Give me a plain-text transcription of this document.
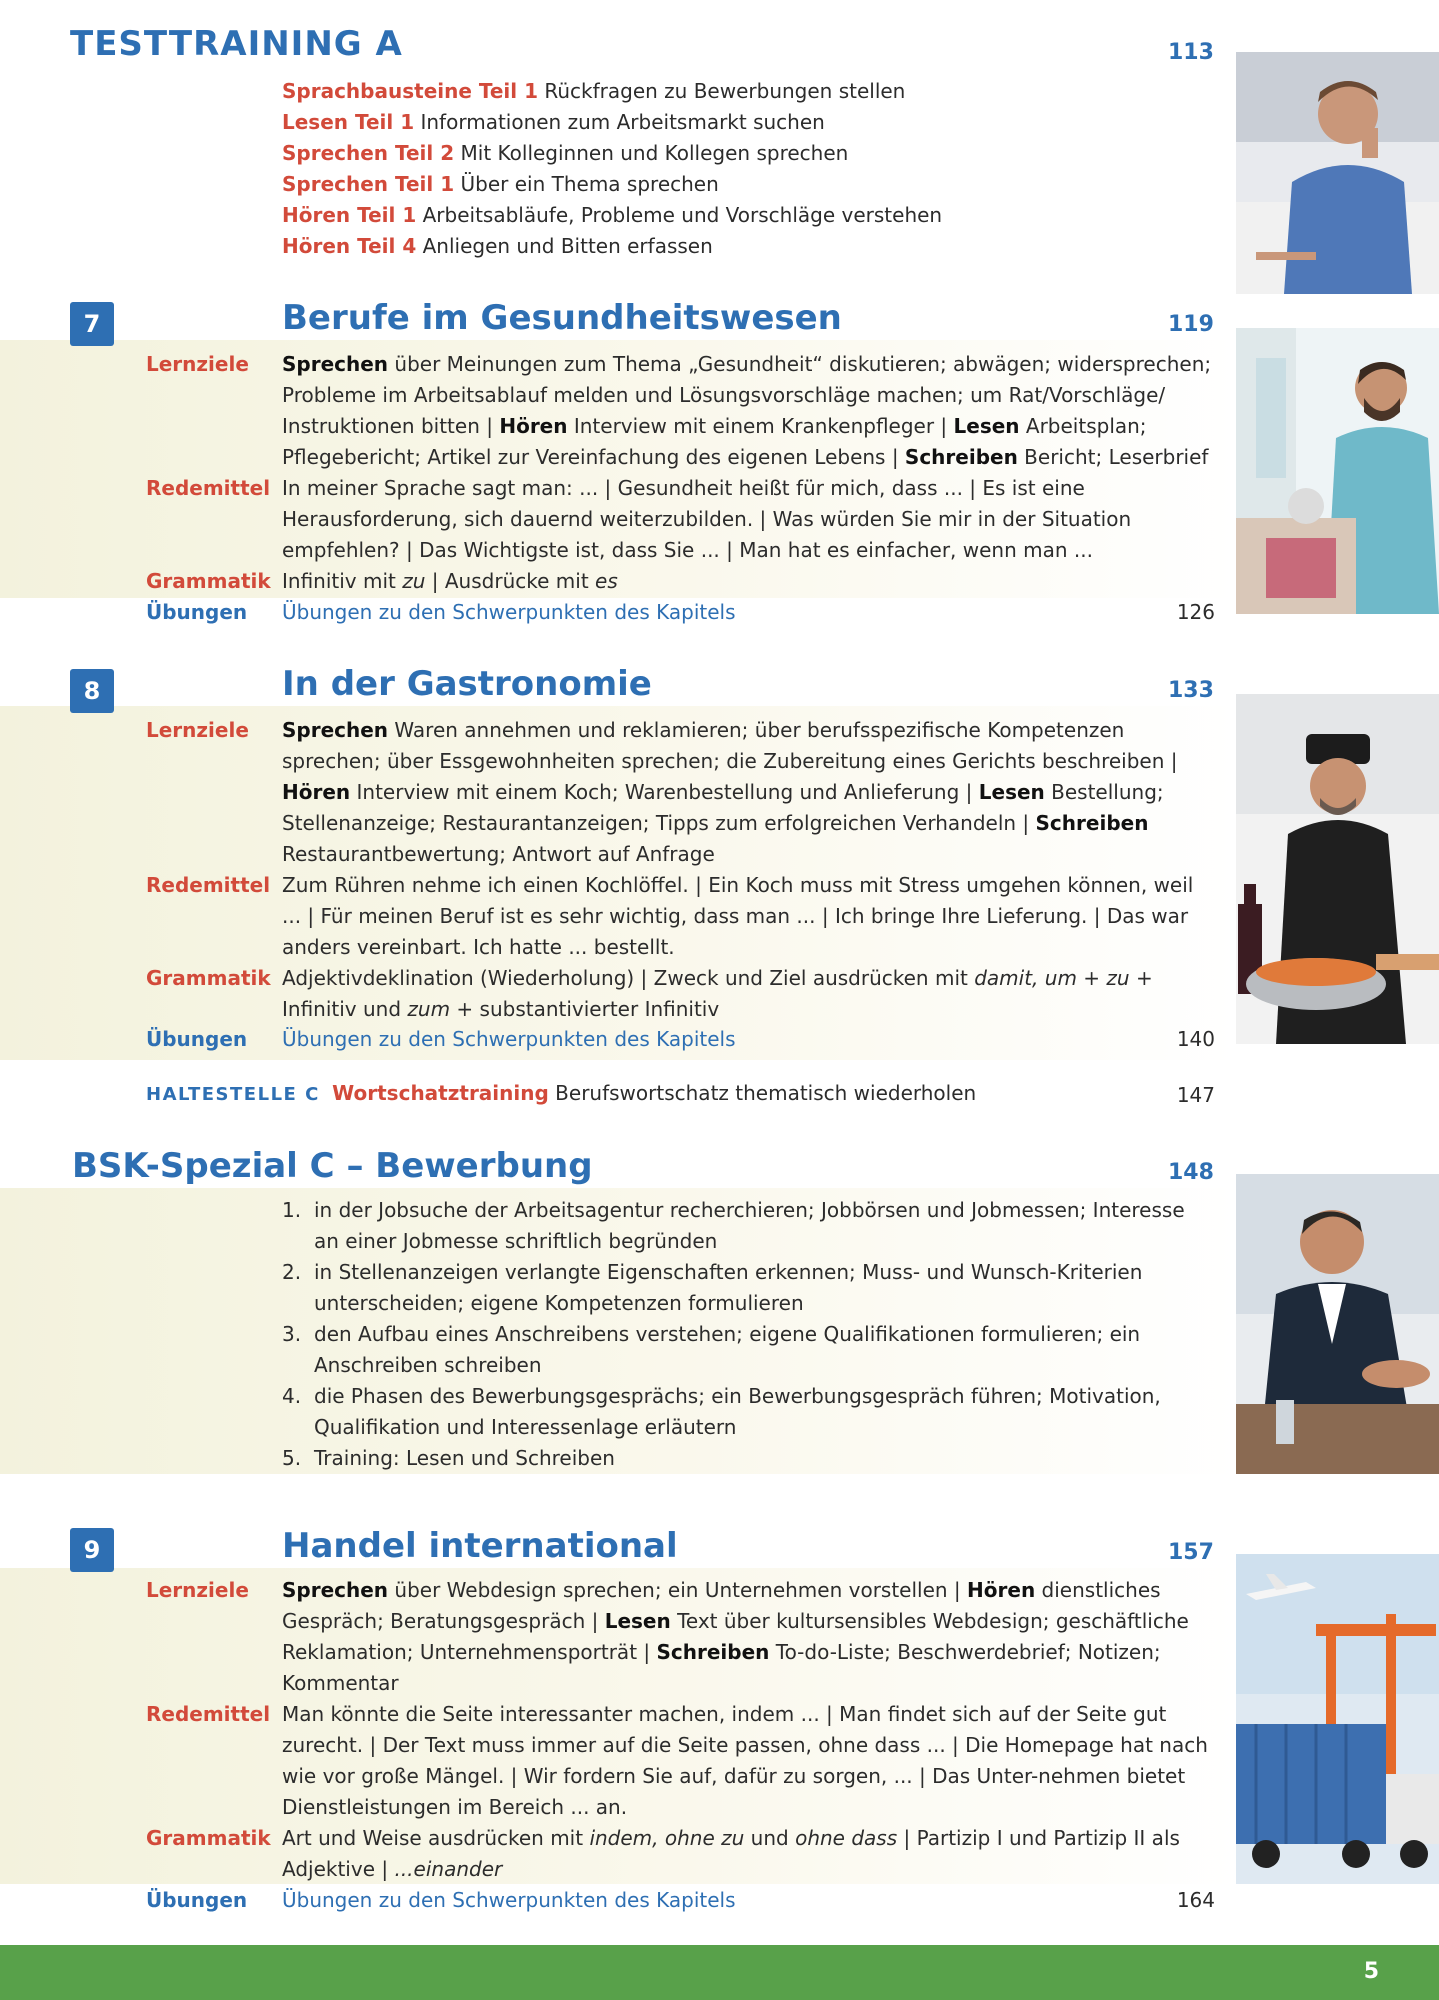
TESTTRAINING A	113
Sprachbausteine Teil 1 Rückfragen zu Bewerbungen stellen
Lesen Teil 1 Informationen zum Arbeitsmarkt suchen
Sprechen Teil 2 Mit Kolleginnen und Kollegen sprechen
Sprechen Teil 1 Über ein Thema sprechen
Hören Teil 1 Arbeitsabläufe, Probleme und Vorschläge verstehen
Hören Teil 4 Anliegen und Bitten erfassen
7	Berufe im Gesundheitswesen	119
Lernziele Sprechen über Meinungen zum Thema „Gesundheit“ diskutieren; abwägen; widersprechen; Probleme im Arbeitsablauf melden und Lösungsvorschläge machen; um Rat/Vorschläge/ Instruktionen bitten | Hören Interview mit einem Krankenpfleger | Lesen Arbeitsplan; Pflegebericht; Artikel zur Vereinfachung des eigenen Lebens | Schreiben Bericht; Leserbrief
Redemittel In meiner Sprache sagt man: ... | Gesundheit heißt für mich, dass ... | Es ist eine Herausforderung, sich dauernd weiterzubilden. | Was würden Sie mir in der Situation empfehlen? | Das Wichtigste ist, dass Sie ... | Man hat es einfacher, wenn man ...
Grammatik Infinitiv mit zu | Ausdrücke mit es
Übungen Übungen zu den Schwerpunkten des Kapitels	126
8	In der Gastronomie	133
Lernziele Sprechen Waren annehmen und reklamieren; über berufsspezifische Kompetenzen sprechen; über Essgewohnheiten sprechen; die Zubereitung eines Gerichts beschreiben | Hören Interview mit einem Koch; Warenbestellung und Anlieferung | Lesen Bestellung; Stellenanzeige; Restaurantanzeigen; Tipps zum erfolgreichen Verhandeln | Schreiben Restaurantbewertung; Antwort auf Anfrage
Redemittel Zum Rühren nehme ich einen Kochlöffel. | Ein Koch muss mit Stress umgehen können, weil ... | Für meinen Beruf ist es sehr wichtig, dass man ... | Ich bringe Ihre Lieferung. | Das war anders vereinbart. Ich hatte ... bestellt.
Grammatik Adjektivdeklination (Wiederholung) | Zweck und Ziel ausdrücken mit damit, um + zu + Infinitiv und zum + substantivierter Infinitiv
Übungen Übungen zu den Schwerpunkten des Kapitels	140
HALTESTELLE C Wortschatztraining Berufswortschatz thematisch wiederholen	147
BSK-Spezial C – Bewerbung	148
1. in der Jobsuche der Arbeitsagentur recherchieren; Jobbörsen und Jobmessen; Interesse an einer Jobmesse schriftlich begründen
2. in Stellenanzeigen verlangte Eigenschaften erkennen; Muss- und Wunsch-Kriterien unterscheiden; eigene Kompetenzen formulieren
3. den Aufbau eines Anschreibens verstehen; eigene Qualifikationen formulieren; ein Anschreiben schreiben
4. die Phasen des Bewerbungsgesprächs; ein Bewerbungsgespräch führen; Motivation, Qualifikation und Interessenlage erläutern
5. Training: Lesen und Schreiben
9	Handel international	157
Lernziele Sprechen über Webdesign sprechen; ein Unternehmen vorstellen | Hören dienstliches Gespräch; Beratungsgespräch | Lesen Text über kultursensibles Webdesign; geschäftliche Reklamation; Unternehmensporträt | Schreiben To-do-Liste; Beschwerdebrief; Notizen; Kommentar
Redemittel Man könnte die Seite interessanter machen, indem ... | Man findet sich auf der Seite gut zurecht. | Der Text muss immer auf die Seite passen, ohne dass ... | Die Homepage hat nach wie vor große Mängel. | Wir fordern Sie auf, dafür zu sorgen, ... | Das Unter-nehmen bietet Dienstleistungen im Bereich ... an.
Grammatik Art und Weise ausdrücken mit indem, ohne zu und ohne dass | Partizip I und Partizip II als Adjektive | ...einander
Übungen Übungen zu den Schwerpunkten des Kapitels	164
5
